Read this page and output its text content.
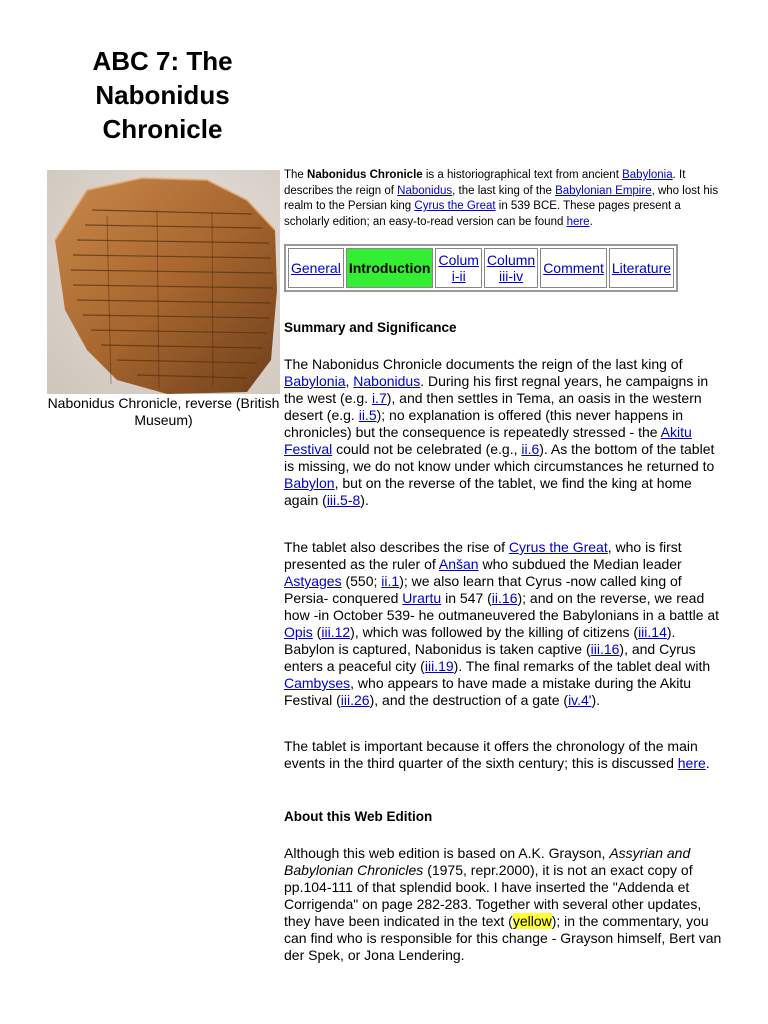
ABC 7: The Nabonidus Chronicle
Nabonidus Chronicle, reverse (British Museum)

The Nabonidus Chronicle is a historiographical text from ancient Babylonia. It describes the reign of Nabonidus, the last king of the Babylonian Empire, who lost his realm to the Persian king Cyrus the Great in 539 BCE. These pages present a scholarly edition; an easy-to-read version can be found here.

General	Introduction	Colum
i-ii	Column
iii-iv	Comment	Literature
Summary and Significance

The Nabonidus Chronicle documents the reign of the last king of Babylonia, Nabonidus. During his first regnal years, he campaigns in the west (e.g. i.7), and then settles in Tema, an oasis in the western desert (e.g. ii.5); no explanation is offered (this never happens in chronicles) but the consequence is repeatedly stressed - the Akitu Festival could not be celebrated (e.g., ii.6). As the bottom of the tablet is missing, we do not know under which circumstances he returned to Babylon, but on the reverse of the tablet, we find the king at home again (iii.5-8).

The tablet also describes the rise of Cyrus the Great, who is first presented as the ruler of Anšan who subdued the Median leader Astyages (550; ii.1); we also learn that Cyrus -now called king of Persia- conquered Urartu in 547 (ii.16); and on the reverse, we read how -in October 539- he outmaneuvered the Babylonians in a battle at Opis (iii.12), which was followed by the killing of citizens (iii.14). Babylon is captured, Nabonidus is taken captive (iii.16), and Cyrus enters a peaceful city (iii.19). The final remarks of the tablet deal with Cambyses, who appears to have made a mistake during the Akitu Festival (iii.26), and the destruction of a gate (iv.4').

The tablet is important because it offers the chronology of the main events in the third quarter of the sixth century; this is discussed here.

About this Web Edition

Although this web edition is based on A.K. Grayson, Assyrian and Babylonian Chronicles (1975, repr.2000), it is not an exact copy of pp.104-111 of that splendid book. I have inserted the "Addenda et Corrigenda" on page 282-283. Together with several other updates, they have been indicated in the text (yellow); in the commentary, you can find who is responsible for this change - Grayson himself, Bert van der Spek, or Jona Lendering.
